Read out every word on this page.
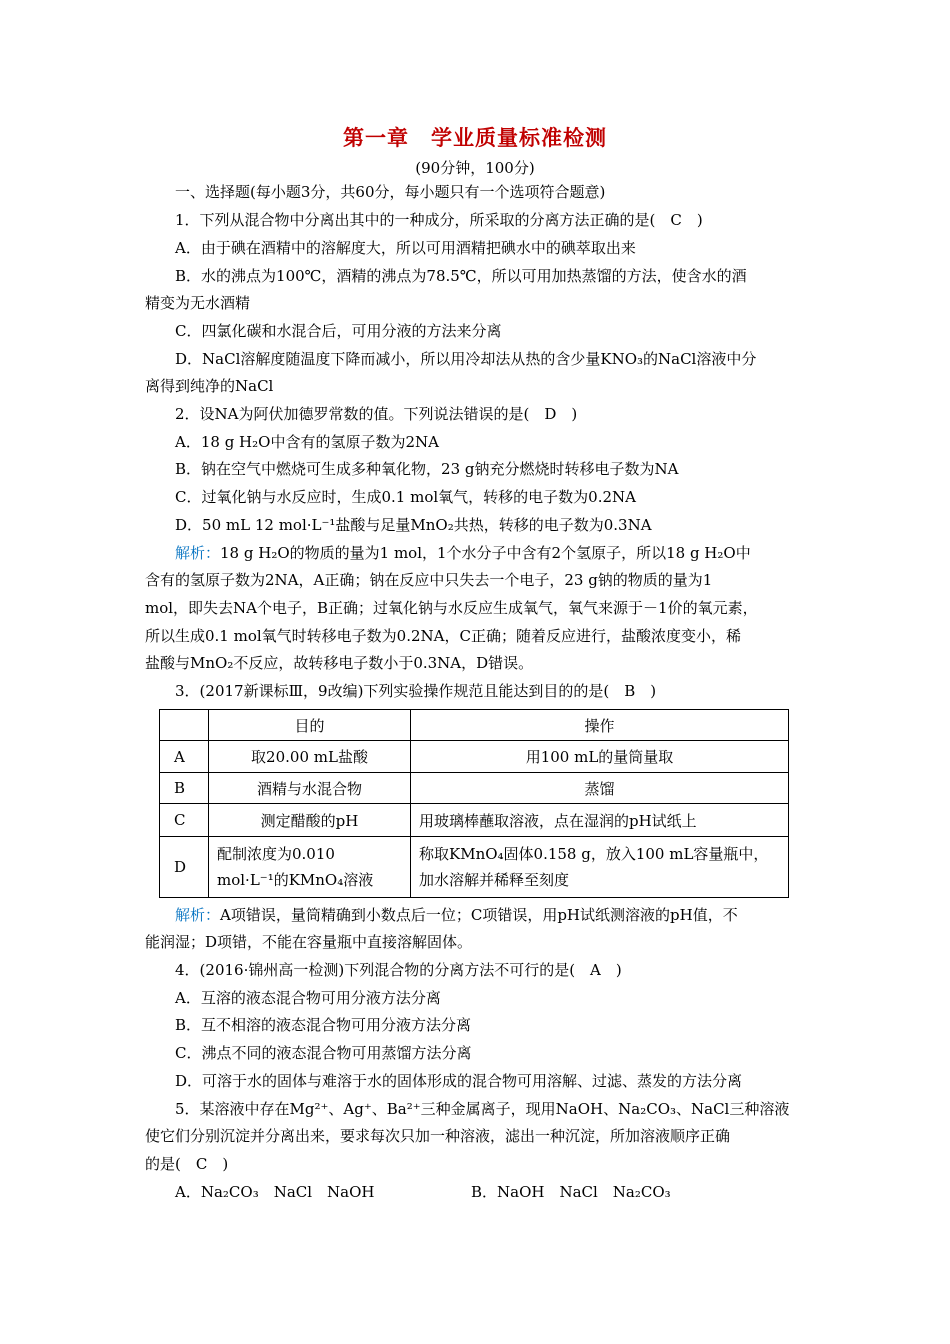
第一章　学业质量标准检测
(90分钟，100分)
一、选择题(每小题3分，共60分，每小题只有一个选项符合题意)
1．下列从混合物中分离出其中的一种成分，所采取的分离方法正确的是(　C　)
A．由于碘在酒精中的溶解度大，所以可用酒精把碘水中的碘萃取出来
B．水的沸点为100℃，酒精的沸点为78.5℃，所以可用加热蒸馏的方法，使含水的酒
精变为无水酒精
C．四氯化碳和水混合后，可用分液的方法来分离
D．NaCl溶解度随温度下降而减小，所以用冷却法从热的含少量KNO₃的NaCl溶液中分
离得到纯净的NaCl
2．设NA为阿伏加德罗常数的值。下列说法错误的是(　D　)
A．18 g H₂O中含有的氢原子数为2NA
B．钠在空气中燃烧可生成多种氧化物，23 g钠充分燃烧时转移电子数为NA
C．过氧化钠与水反应时，生成0.1 mol氧气，转移的电子数为0.2NA
D．50 mL 12 mol·L⁻¹盐酸与足量MnO₂共热，转移的电子数为0.3NA
解析：18 g H₂O的物质的量为1 mol，1个水分子中含有2个氢原子，所以18 g H₂O中
含有的氢原子数为2NA，A正确；钠在反应中只失去一个电子，23 g钠的物质的量为1
mol，即失去NA个电子，B正确；过氧化钠与水反应生成氧气，氧气来源于－1价的氧元素，
所以生成0.1 mol氧气时转移电子数为0.2NA，C正确；随着反应进行，盐酸浓度变小，稀
盐酸与MnO₂不反应，故转移电子数小于0.3NA，D错误。
3．(2017新课标Ⅲ，9改编)下列实验操作规范且能达到目的的是(　B　)
	目的	操作
A	取20.00 mL盐酸	用100 mL的量筒量取
B	酒精与水混合物	蒸馏
C	测定醋酸的pH	用玻璃棒蘸取溶液，点在湿润的pH试纸上
D	配制浓度为0.010
mol·L⁻¹的KMnO₄溶液	称取KMnO₄固体0.158 g，放入100 mL容量瓶中，
加水溶解并稀释至刻度
解析：A项错误，量筒精确到小数点后一位；C项错误，用pH试纸测溶液的pH值，不
能润湿；D项错，不能在容量瓶中直接溶解固体。
4．(2016·锦州高一检测)下列混合物的分离方法不可行的是(　A　)
A．互溶的液态混合物可用分液方法分离
B．互不相溶的液态混合物可用分液方法分离
C．沸点不同的液态混合物可用蒸馏方法分离
D．可溶于水的固体与难溶于水的固体形成的混合物可用溶解、过滤、蒸发的方法分离
5．某溶液中存在Mg²⁺、Ag⁺、Ba²⁺三种金属离子，现用NaOH、Na₂CO₃、NaCl三种溶液
使它们分别沉淀并分离出来，要求每次只加一种溶液，滤出一种沉淀，所加溶液顺序正确
的是(　C　)
A．Na₂CO₃　NaCl　NaOH	B．NaOH　NaCl　Na₂CO₃
